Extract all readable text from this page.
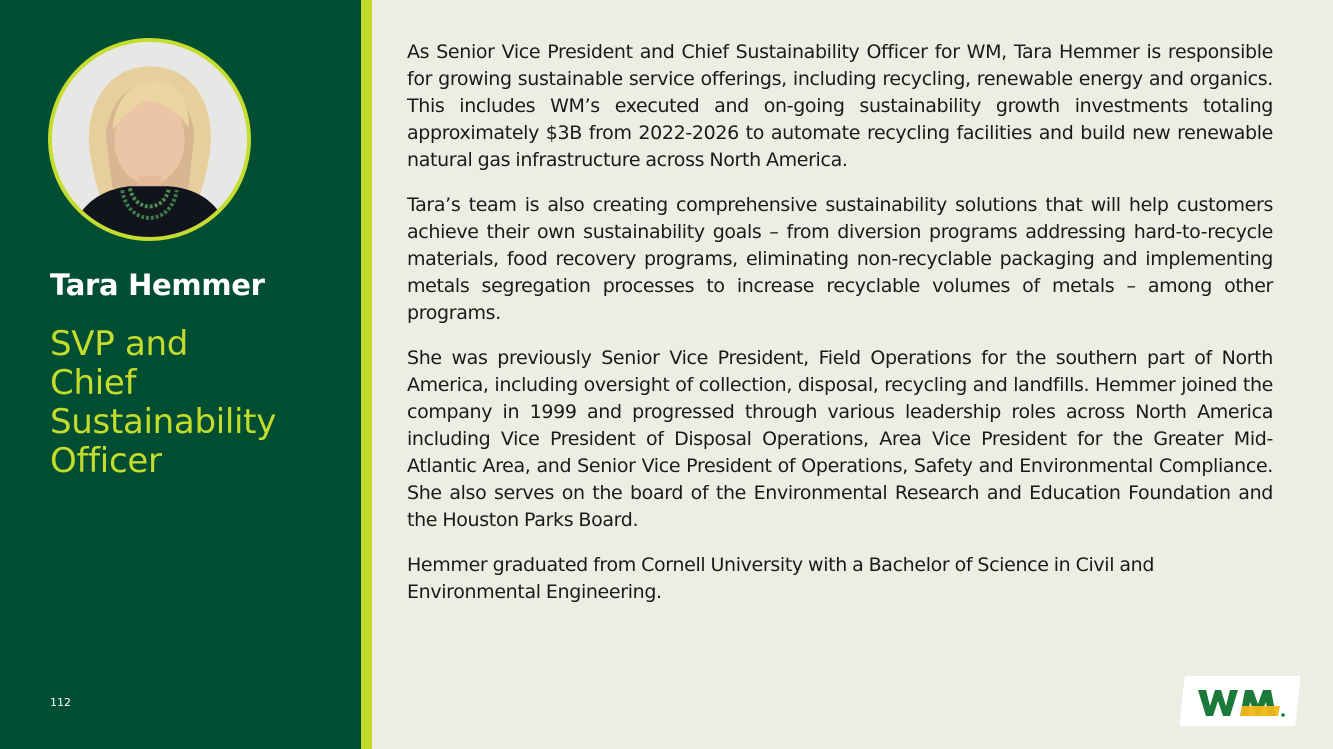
Tara Hemmer
SVP and
Chief
Sustainability
Officer
112

As Senior Vice President and Chief Sustainability Officer for WM, Tara Hemmer is responsible for growing sustainable service offerings, including recycling, renewable energy and organics. This includes WM’s executed and on-going sustainability growth investments totaling approximately $3B from 2022-2026 to automate recycling facilities and build new renewable natural gas infrastructure across North America.

Tara’s team is also creating comprehensive sustainability solutions that will help customers achieve their own sustainability goals – from diversion programs addressing hard-to-recycle materials, food recovery programs, eliminating non-recyclable packaging and implementing metals segregation processes to increase recyclable volumes of metals – among other programs.

She was previously Senior Vice President, Field Operations for the southern part of North America, including oversight of collection, disposal, recycling and landfills. Hemmer joined the company in 1999 and progressed through various leadership roles across North America including Vice President of Disposal Operations, Area Vice President for the Greater Mid-Atlantic Area, and Senior Vice President of Operations, Safety and Environmental Compliance. She also serves on the board of the Environmental Research and Education Foundation and the Houston Parks Board.

Hemmer graduated from Cornell University with a Bachelor of Science in Civil and Environmental Engineering.
